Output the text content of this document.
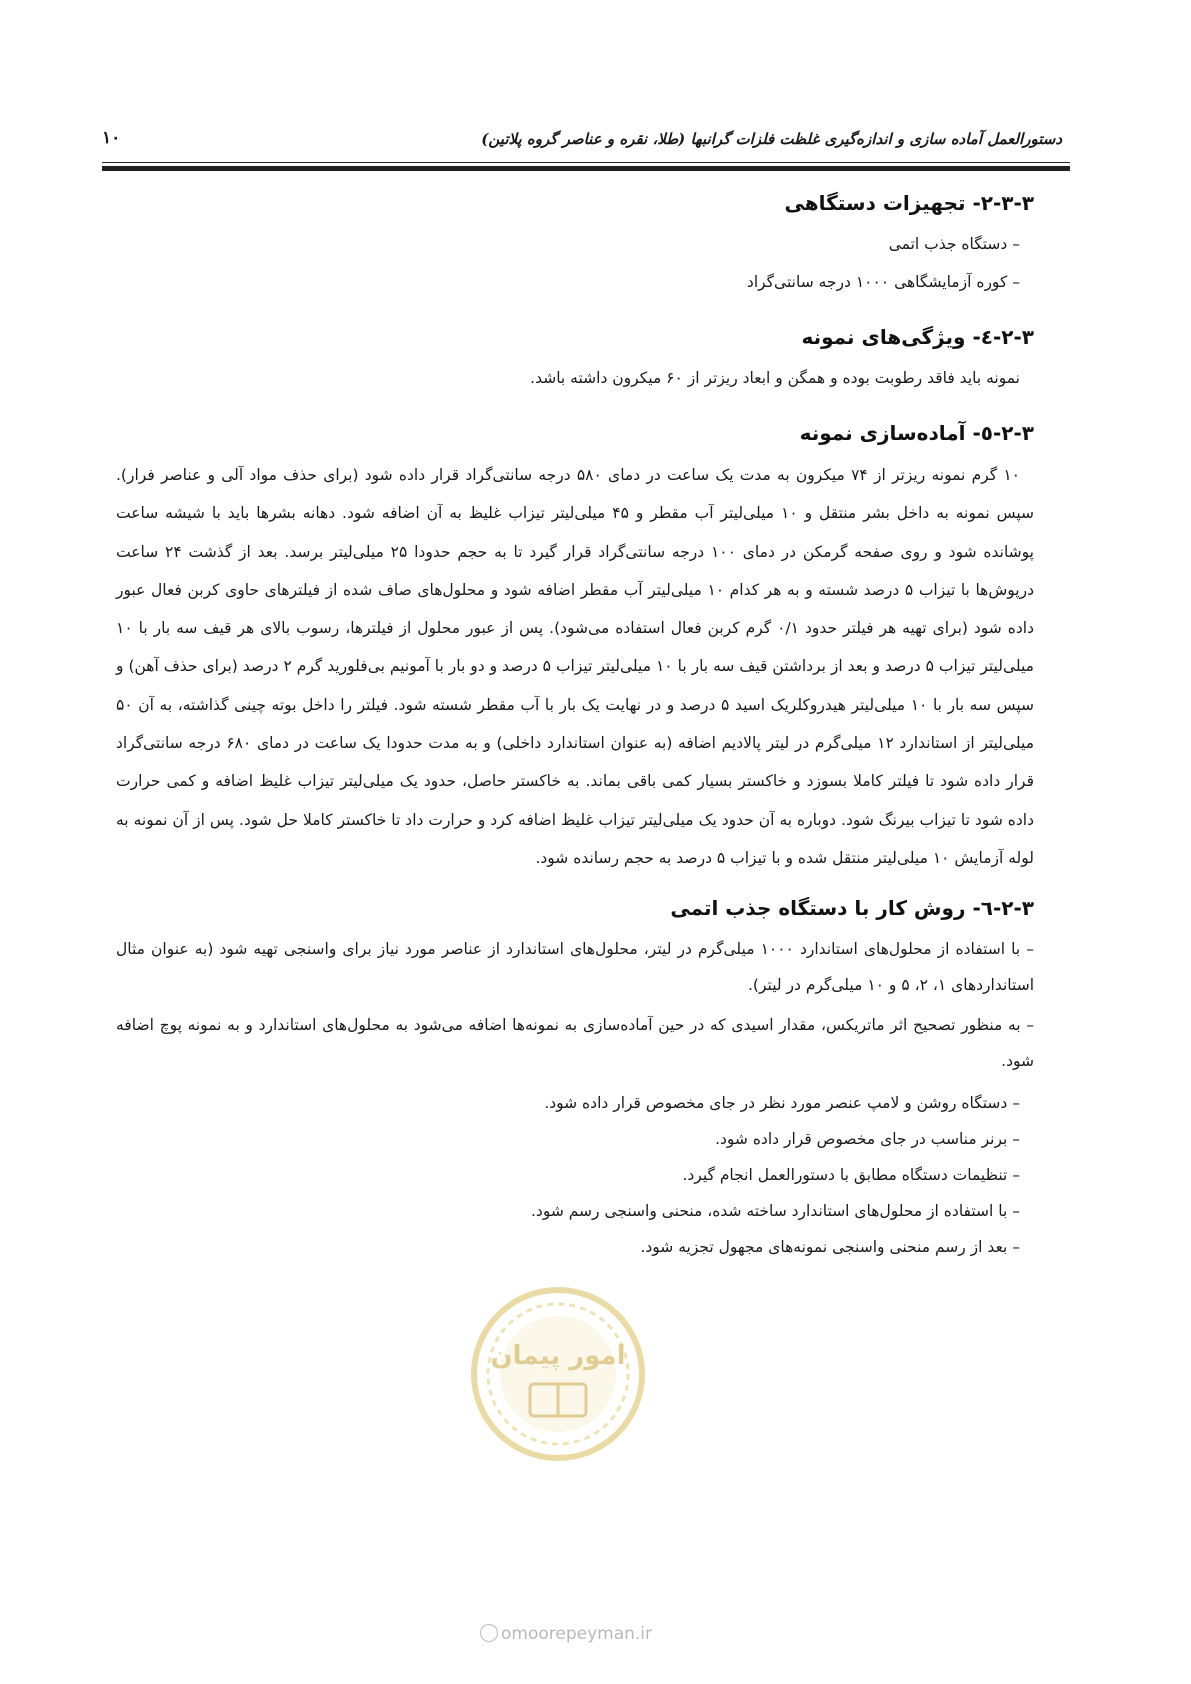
دستورالعمل آماده سازی و اندازه‌گیری غلظت فلزات گرانبها (طلا، نقره و عناصر گروه پلاتین)
۱۰

۲-۳-۳- تجهیزات دستگاهی

– دستگاه جذب اتمی

– کوره آزمایشگاهی ۱۰۰۰ درجه سانتی‌گراد

۲-۳-٤- ویژگی‌های نمونه

نمونه باید فاقد رطوبت بوده و همگن و ابعاد ریزتر از ۶۰ میکرون داشته باشد.

۲-۳-٥- آماده‌سازی نمونه

۱۰ گرم نمونه ریزتر از ۷۴ میکرون به مدت یک ساعت در دمای ۵۸۰ درجه سانتی‌گراد قرار داده شود (برای حذف مواد آلی و عناصر فرار). سپس نمونه به داخل بشر منتقل و ۱۰ میلی‌لیتر آب مقطر و ۴۵ میلی‌لیتر تیزاب غلیظ به آن اضافه شود. دهانه بشرها باید با شیشه ساعت پوشانده شود و روی صفحه گرمکن در دمای ۱۰۰ درجه سانتی‌گراد قرار گیرد تا به حجم حدودا ۲۵ میلی‌لیتر برسد. بعد از گذشت ۲۴ ساعت درپوش‌ها با تیزاب ۵ درصد شسته و به هر کدام ۱۰ میلی‌لیتر آب مقطر اضافه شود و محلول‌های صاف شده از فیلترهای حاوی کربن فعال عبور داده شود (برای تهیه هر فیلتر حدود ۰/۱ گرم کربن فعال استفاده می‌شود). پس از عبور محلول از فیلترها، رسوب بالای هر قیف سه بار با ۱۰ میلی‌لیتر تیزاب ۵ درصد و بعد از برداشتن قیف سه بار با ۱۰ میلی‌لیتر تیزاب ۵ درصد و دو بار با آمونیم بی‌فلورید گرم ۲ درصد (برای حذف آهن) و سپس سه بار با ۱۰ میلی‌لیتر هیدروکلریک اسید ۵ درصد و در نهایت یک بار با آب مقطر شسته شود. فیلتر را داخل بوته چینی گذاشته، به آن ۵۰ میلی‌لیتر از استاندارد ۱۲ میلی‌گرم در لیتر پالادیم اضافه (به عنوان استاندارد داخلی) و به مدت حدودا یک ساعت در دمای ۶۸۰ درجه سانتی‌گراد قرار داده شود تا فیلتر کاملا بسوزد و خاکستر بسیار کمی باقی بماند. به خاکستر حاصل، حدود یک میلی‌لیتر تیزاب غلیظ اضافه و کمی حرارت داده شود تا تیزاب بیرنگ شود. دوباره به آن حدود یک میلی‌لیتر تیزاب غلیظ اضافه کرد و حرارت داد تا خاکستر کاملا حل شود. پس از آن نمونه به لوله آزمایش ۱۰ میلی‌لیتر منتقل شده و با تیزاب ۵ درصد به حجم رسانده شود.

۲-۳-٦- روش کار با دستگاه جذب اتمی

– با استفاده از محلول‌های استاندارد ۱۰۰۰ میلی‌گرم در لیتر، محلول‌های استاندارد از عناصر مورد نیاز برای واسنجی تهیه شود (به عنوان مثال استانداردهای ۱، ۲، ۵ و ۱۰ میلی‌گرم در لیتر).

– به منظور تصحیح اثر ماتریکس، مقدار اسیدی که در حین آماده‌سازی به نمونه‌ها اضافه می‌شود به محلول‌های استاندارد و به نمونه پوچ اضافه شود.

– دستگاه روشن و لامپ عنصر مورد نظر در جای مخصوص قرار داده شود.

– برنر مناسب در جای مخصوص قرار داده شود.

– تنظیمات دستگاه مطابق با دستورالعمل انجام گیرد.

– با استفاده از محلول‌های استاندارد ساخته شده، منحنی واسنجی رسم شود.

– بعد از رسم منحنی واسنجی نمونه‌های مجهول تجزیه شود.

امور پیمان
omoorepeyman.ir
